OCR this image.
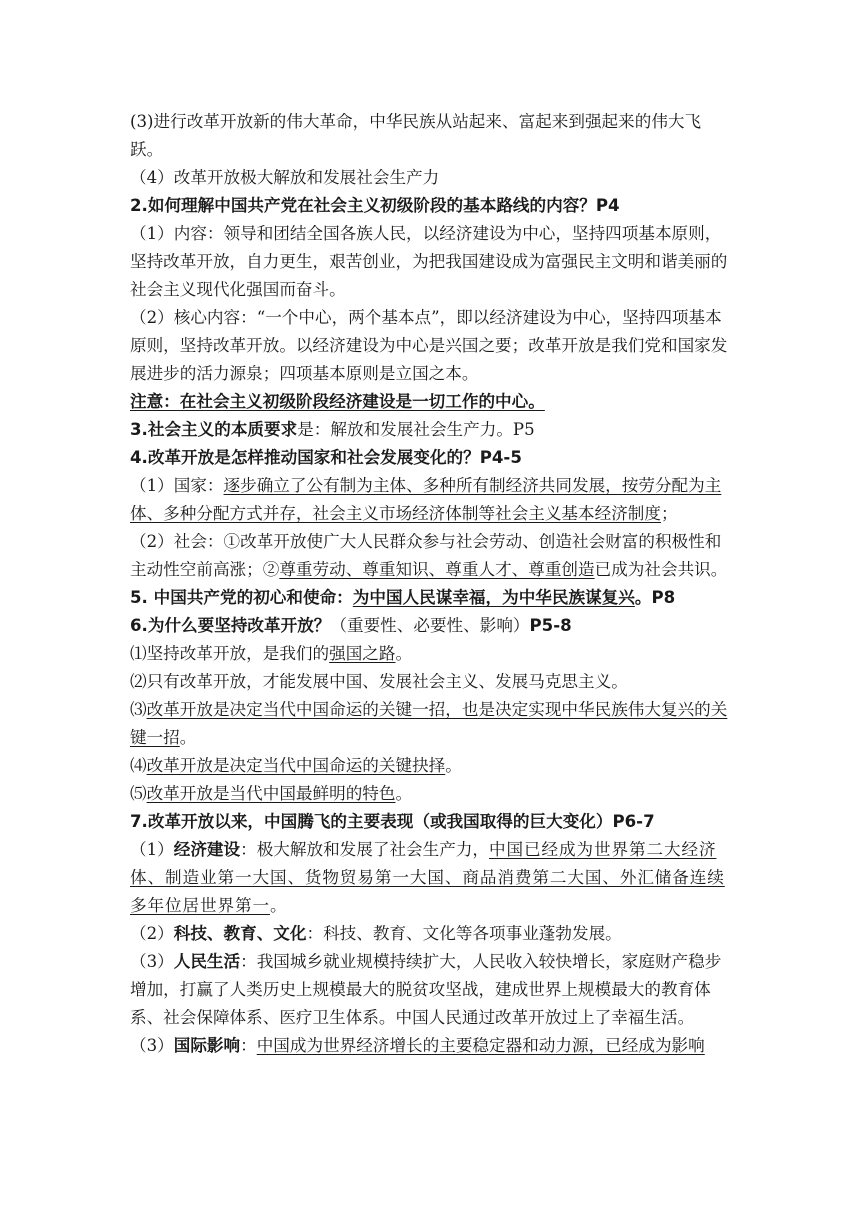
(3)进行改革开放新的伟大革命，中华民族从站起来、富起来到强起来的伟大飞跃。

（4）改革开放极大解放和发展社会生产力

2.如何理解中国共产党在社会主义初级阶段的基本路线的内容？P4

（1）内容：领导和团结全国各族人民，以经济建设为中心，坚持四项基本原则，坚持改革开放，自力更生，艰苦创业，为把我国建设成为富强民主文明和谐美丽的社会主义现代化强国而奋斗。

（2）核心内容：“一个中心，两个基本点”，即以经济建设为中心，坚持四项基本原则，坚持改革开放。以经济建设为中心是兴国之要；改革开放是我们党和国家发展进步的活力源泉；四项基本原则是立国之本。

注意：在社会主义初级阶段经济建设是一切工作的中心。

3.社会主义的本质要求是：解放和发展社会生产力。P5

4.改革开放是怎样推动国家和社会发展变化的？P4-5

（1）国家：逐步确立了公有制为主体、多种所有制经济共同发展，按劳分配为主体、多种分配方式并存，社会主义市场经济体制等社会主义基本经济制度；

（2）社会：①改革开放使广大人民群众参与社会劳动、创造社会财富的积极性和主动性空前高涨；②尊重劳动、尊重知识、尊重人才、尊重创造已成为社会共识。

5. 中国共产党的初心和使命：为中国人民谋幸福，为中华民族谋复兴。P8

6.为什么要坚持改革开放？（重要性、必要性、影响）P5-8

⑴坚持改革开放，是我们的强国之路。

⑵只有改革开放，才能发展中国、发展社会主义、发展马克思主义。

⑶改革开放是决定当代中国命运的关键一招，也是决定实现中华民族伟大复兴的关键一招。

⑷改革开放是决定当代中国命运的关键抉择。

⑸改革开放是当代中国最鲜明的特色。

7.改革开放以来，中国腾飞的主要表现（或我国取得的巨大变化）P6-7

（1）经济建设：极大解放和发展了社会生产力，中国已经成为世界第二大经济体、制造业第一大国、货物贸易第一大国、商品消费第二大国、外汇储备连续多年位居世界第一。

（2）科技、教育、文化：科技、教育、文化等各项事业蓬勃发展。

（3）人民生活：我国城乡就业规模持续扩大，人民收入较快增长，家庭财产稳步增加，打赢了人类历史上规模最大的脱贫攻坚战，建成世界上规模最大的教育体系、社会保障体系、医疗卫生体系。中国人民通过改革开放过上了幸福生活。

（3）国际影响：中国成为世界经济增长的主要稳定器和动力源，已经成为影响
